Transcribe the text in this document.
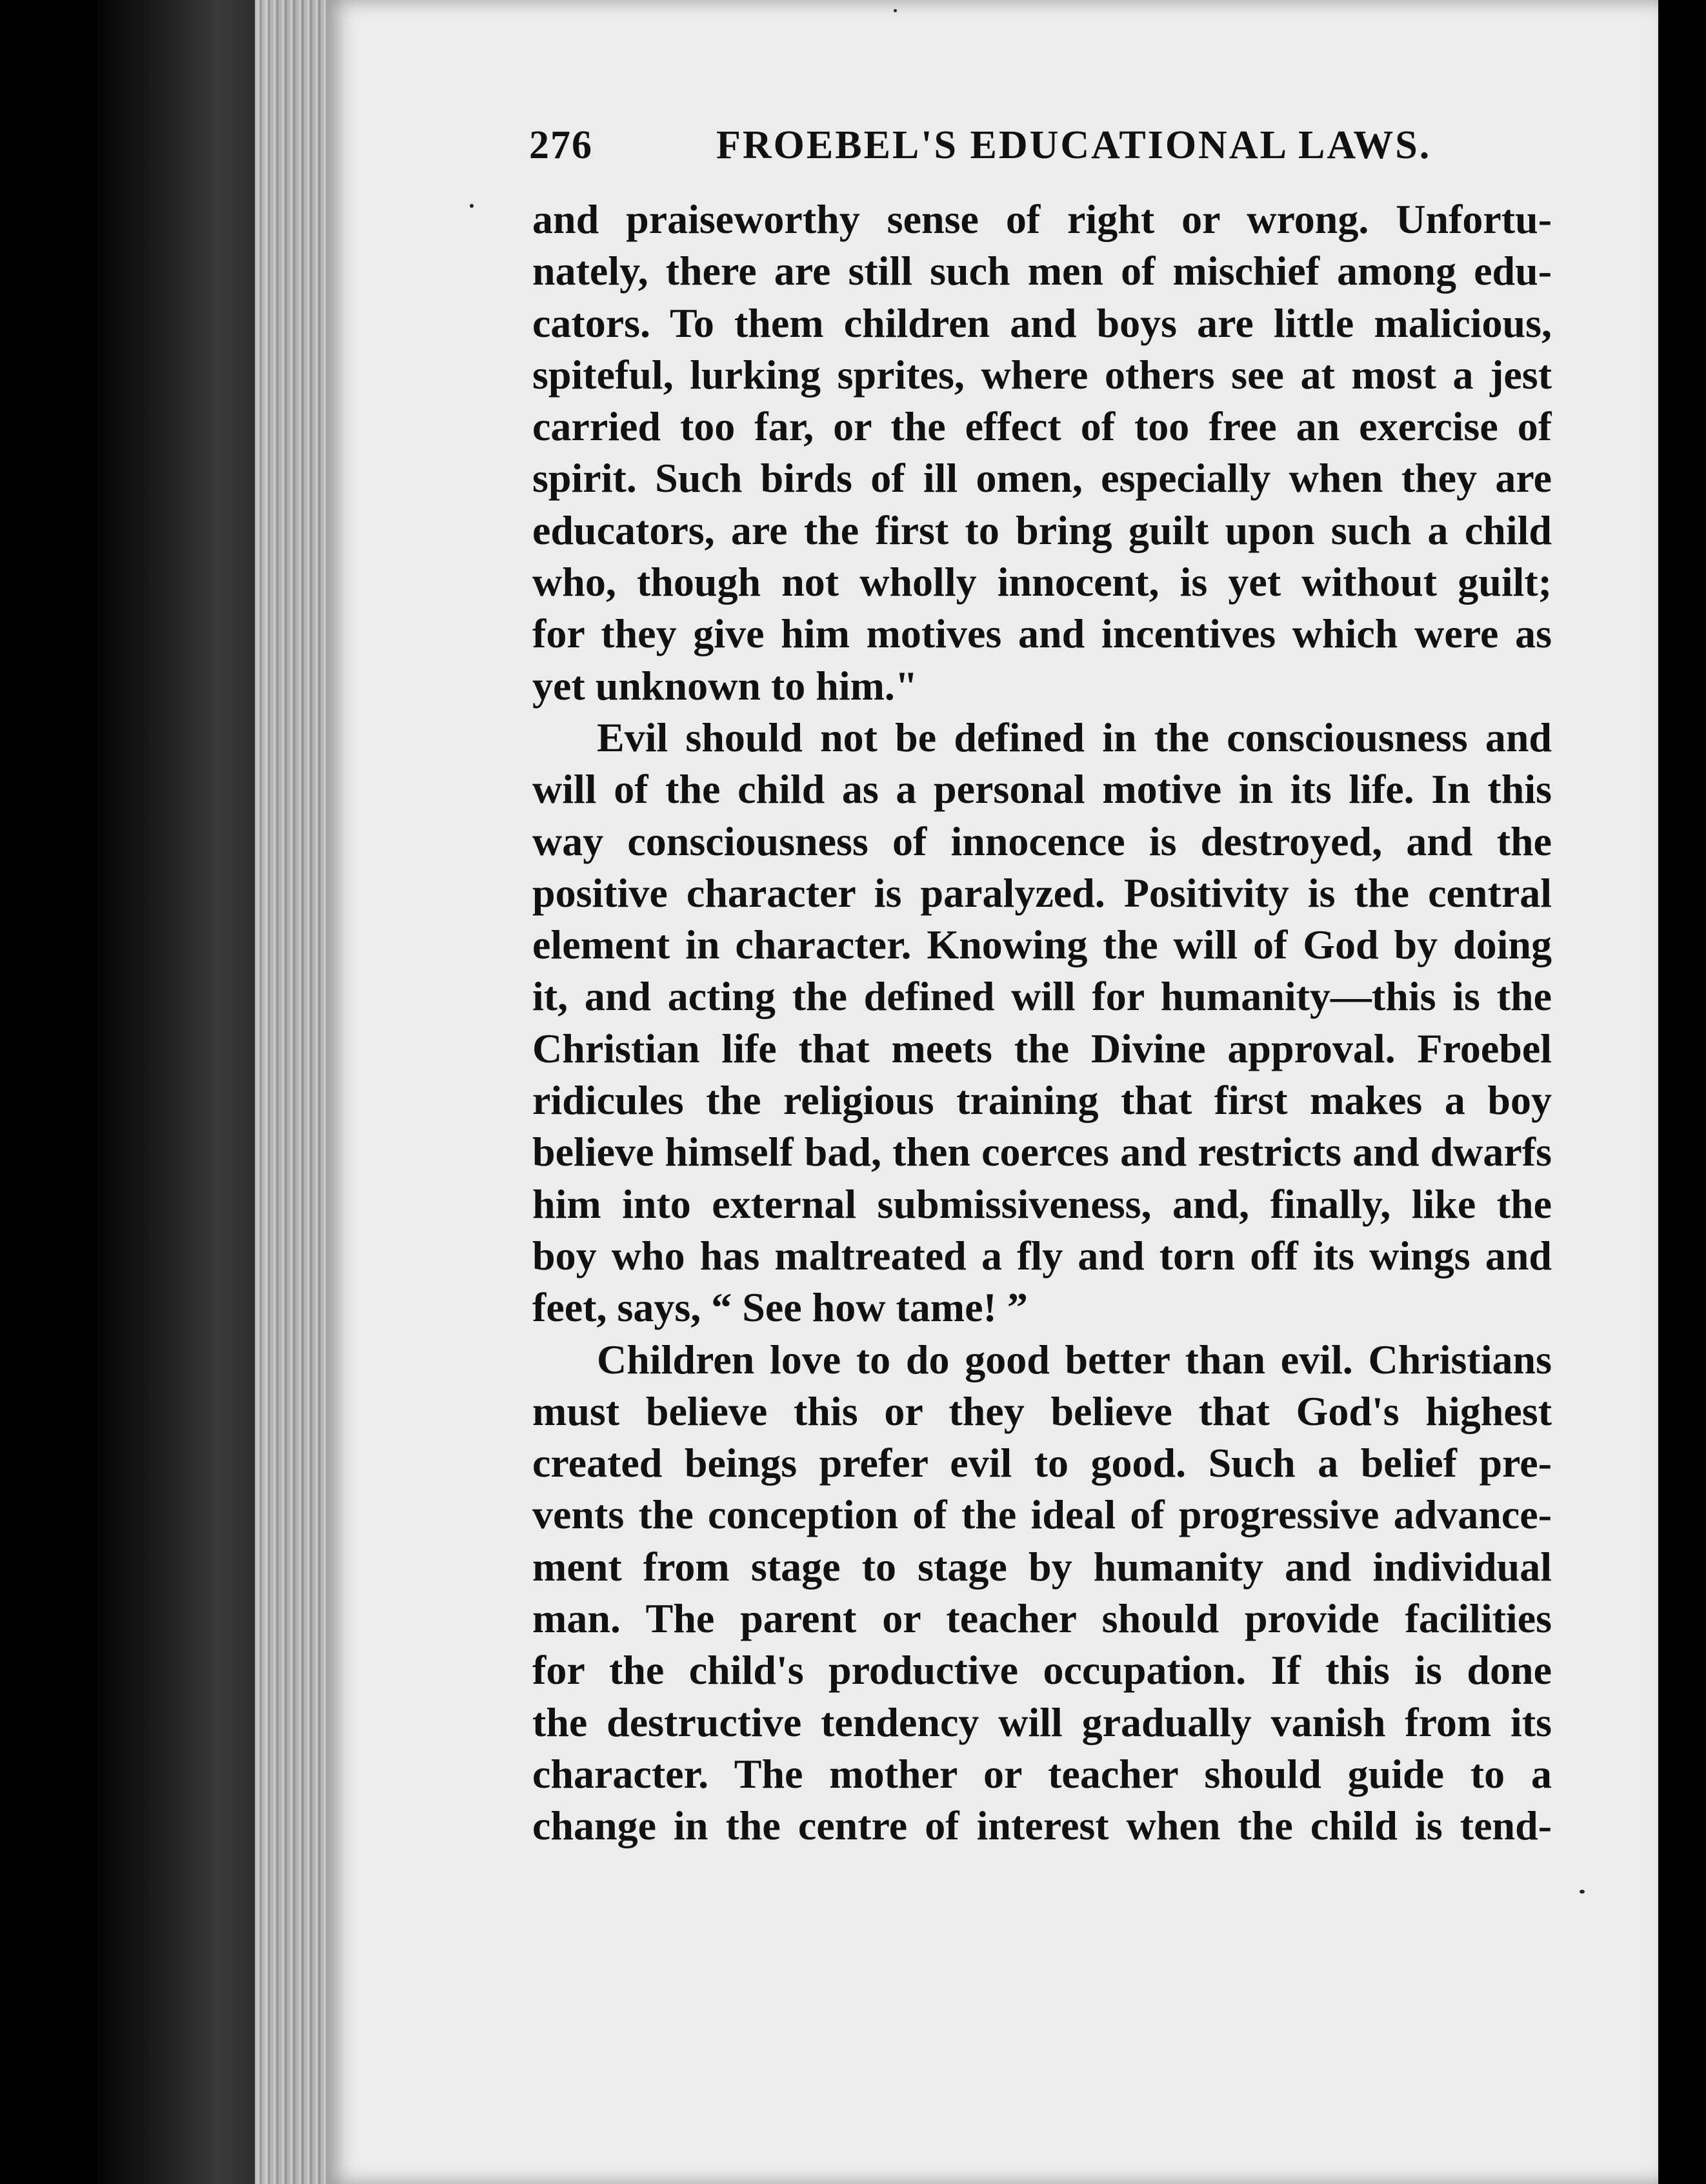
276	FROEBEL'S EDUCATIONAL LAWS.
and praiseworthy sense of right or wrong. Unfortu-
nately, there are still such men of mischief among edu-
cators. To them children and boys are little malicious,
spiteful, lurking sprites, where others see at most a jest
carried too far, or the effect of too free an exercise of
spirit. Such birds of ill omen, especially when they are
educators, are the first to bring guilt upon such a child
who, though not wholly innocent, is yet without guilt;
for they give him motives and incentives which were as
yet unknown to him."
Evil should not be defined in the consciousness and
will of the child as a personal motive in its life. In this
way consciousness of innocence is destroyed, and the
positive character is paralyzed. Positivity is the central
element in character. Knowing the will of God by doing
it, and acting the defined will for humanity—this is the
Christian life that meets the Divine approval. Froebel
ridicules the religious training that first makes a boy
believe himself bad, then coerces and restricts and dwarfs
him into external submissiveness, and, finally, like the
boy who has maltreated a fly and torn off its wings and
feet, says, “ See how tame! ”
Children love to do good better than evil. Christians
must believe this or they believe that God's highest
created beings prefer evil to good. Such a belief pre-
vents the conception of the ideal of progressive advance-
ment from stage to stage by humanity and individual
man. The parent or teacher should provide facilities
for the child's productive occupation. If this is done
the destructive tendency will gradually vanish from its
character. The mother or teacher should guide to a
change in the centre of interest when the child is tend-
